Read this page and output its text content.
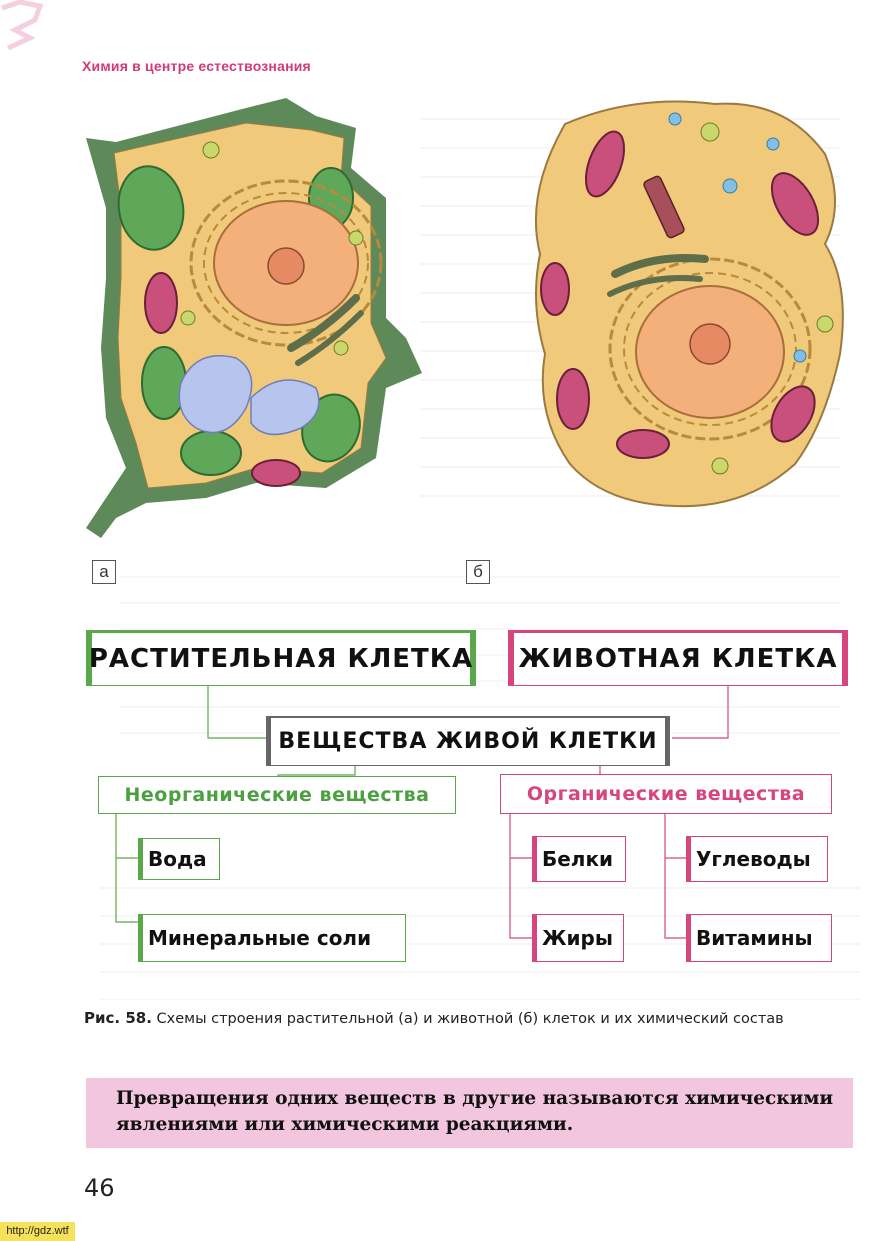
Химия в центре естествознания
а	б
РАСТИТЕЛЬНАЯ КЛЕТКА	ЖИВОТНАЯ КЛЕТКА
ВЕЩЕСТВА ЖИВОЙ КЛЕТКИ
Неорганические вещества	Органические вещества
Вода
Минеральные соли
Белки	Углеводы
Жиры	Витамины
Рис. 58. Схемы строения растительной (а) и животной (б) клеток и их химический состав
Превращения одних веществ в другие называются химическими явлениями или химическими реакциями.
46
http://gdz.wtf
